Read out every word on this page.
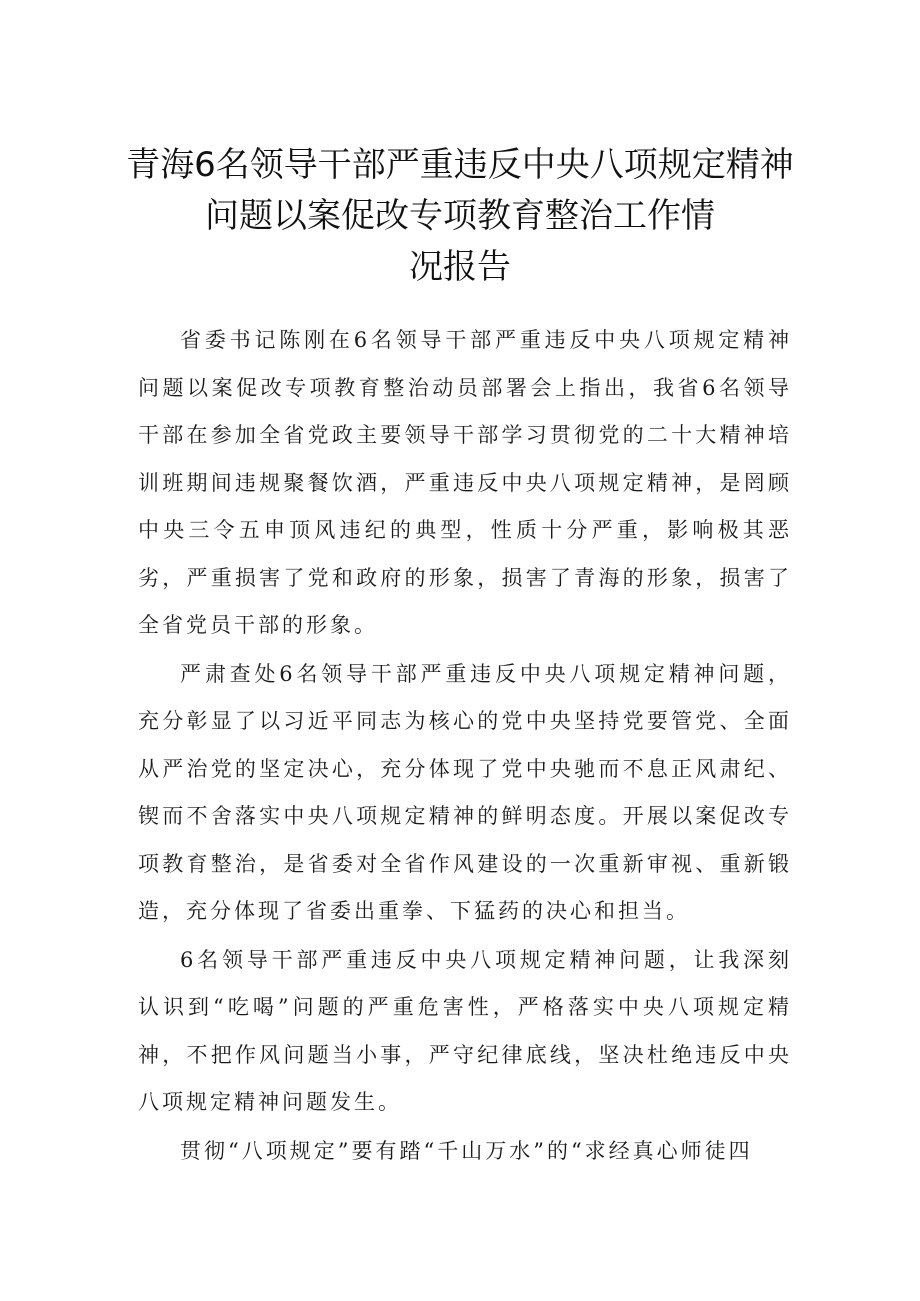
青海6名领导干部严重违反中央八项规定精神
问题以案促改专项教育整治工作情
况报告

省委书记陈刚在6名领导干部严重违反中央八项规定精神问题以案促改专项教育整治动员部署会上指出，我省6名领导干部在参加全省党政主要领导干部学习贯彻党的二十大精神培训班期间违规聚餐饮酒，严重违反中央八项规定精神，是罔顾中央三令五申顶风违纪的典型，性质十分严重，影响极其恶劣，严重损害了党和政府的形象，损害了青海的形象，损害了全省党员干部的形象。

严肃查处6名领导干部严重违反中央八项规定精神问题，充分彰显了以习近平同志为核心的党中央坚持党要管党、全面从严治党的坚定决心，充分体现了党中央驰而不息正风肃纪、锲而不舍落实中央八项规定精神的鲜明态度。开展以案促改专项教育整治，是省委对全省作风建设的一次重新审视、重新锻造，充分体现了省委出重拳、下猛药的决心和担当。

6名领导干部严重违反中央八项规定精神问题，让我深刻认识到“吃喝”问题的严重危害性，严格落实中央八项规定精神，不把作风问题当小事，严守纪律底线，坚决杜绝违反中央八项规定精神问题发生。

贯彻“八项规定”要有踏“千山万水”的“求经真心师徒四
